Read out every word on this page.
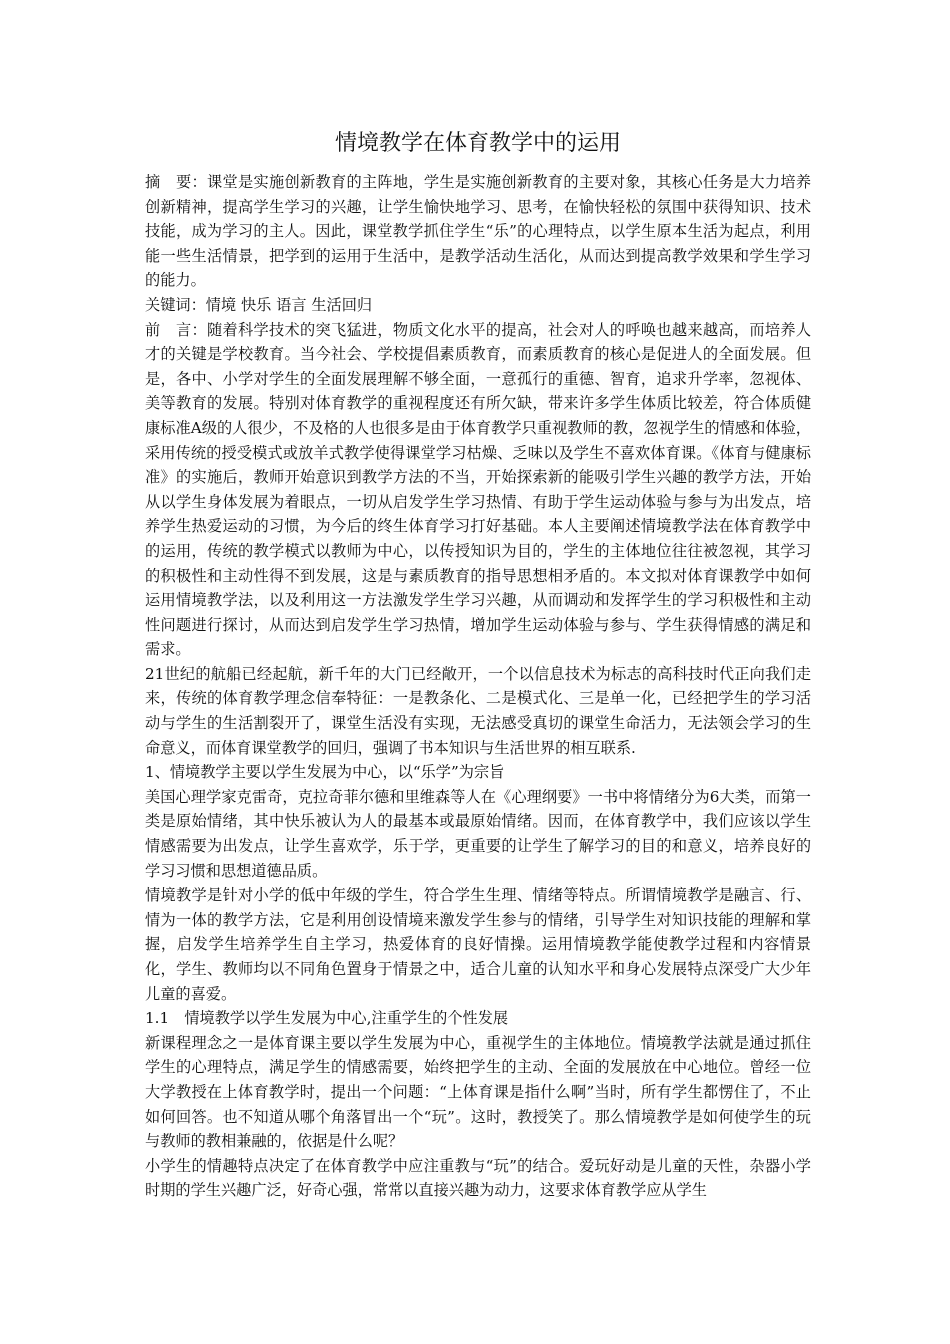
情境教学在体育教学中的运用

摘　要：课堂是实施创新教育的主阵地，学生是实施创新教育的主要对象，其核心任务是大力培养创新精神，提高学生学习的兴趣，让学生愉快地学习、思考，在愉快轻松的氛围中获得知识、技术技能，成为学习的主人。因此，课堂教学抓住学生“乐”的心理特点，以学生原本生活为起点，利用能一些生活情景，把学到的运用于生活中，是教学活动生活化，从而达到提高教学效果和学生学习的能力。

关键词：情境 快乐 语言 生活回归

前　言：随着科学技术的突飞猛进，物质文化水平的提高，社会对人的呼唤也越来越高，而培养人才的关键是学校教育。当今社会、学校提倡素质教育，而素质教育的核心是促进人的全面发展。但是，各中、小学对学生的全面发展理解不够全面，一意孤行的重德、智育，追求升学率，忽视体、美等教育的发展。特别对体育教学的重视程度还有所欠缺，带来许多学生体质比较差，符合体质健康标准A级的人很少，不及格的人也很多是由于体育教学只重视教师的教，忽视学生的情感和体验，采用传统的授受模式或放羊式教学使得课堂学习枯燥、乏味以及学生不喜欢体育课。《体育与健康标准》的实施后，教师开始意识到教学方法的不当，开始探索新的能吸引学生兴趣的教学方法，开始从以学生身体发展为着眼点，一切从启发学生学习热情、有助于学生运动体验与参与为出发点，培养学生热爱运动的习惯，为今后的终生体育学习打好基础。本人主要阐述情境教学法在体育教学中的运用，传统的教学模式以教师为中心，以传授知识为目的，学生的主体地位往往被忽视，其学习的积极性和主动性得不到发展，这是与素质教育的指导思想相矛盾的。本文拟对体育课教学中如何运用情境教学法，以及利用这一方法激发学生学习兴趣，从而调动和发挥学生的学习积极性和主动性问题进行探讨，从而达到启发学生学习热情，增加学生运动体验与参与、学生获得情感的满足和需求。

21世纪的航船已经起航，新千年的大门已经敞开，一个以信息技术为标志的高科技时代正向我们走来，传统的体育教学理念信奉特征：一是教条化、二是模式化、三是单一化，已经把学生的学习活动与学生的生活割裂开了，课堂生活没有实现，无法感受真切的课堂生命活力，无法领会学习的生命意义，而体育课堂教学的回归，强调了书本知识与生活世界的相互联系.

1、情境教学主要以学生发展为中心，以“乐学”为宗旨

美国心理学家克雷奇，克拉奇菲尔德和里维森等人在《心理纲要》一书中将情绪分为6大类，而第一类是原始情绪，其中快乐被认为人的最基本或最原始情绪。因而，在体育教学中，我们应该以学生情感需要为出发点，让学生喜欢学，乐于学，更重要的让学生了解学习的目的和意义，培养良好的学习习惯和思想道德品质。

情境教学是针对小学的低中年级的学生，符合学生生理、情绪等特点。所谓情境教学是融言、行、情为一体的教学方法，它是利用创设情境来激发学生参与的情绪，引导学生对知识技能的理解和掌握，启发学生培养学生自主学习，热爱体育的良好情操。运用情境教学能使教学过程和内容情景化，学生、教师均以不同角色置身于情景之中，适合儿童的认知水平和身心发展特点深受广大少年儿童的喜爱。

1.1　情境教学以学生发展为中心,注重学生的个性发展

新课程理念之一是体育课主要以学生发展为中心，重视学生的主体地位。情境教学法就是通过抓住学生的心理特点，满足学生的情感需要，始终把学生的主动、全面的发展放在中心地位。曾经一位大学教授在上体育教学时，提出一个问题：“上体育课是指什么啊”当时，所有学生都愣住了，不止如何回答。也不知道从哪个角落冒出一个“玩”。这时，教授笑了。那么情境教学是如何使学生的玩与教师的教相兼融的，依据是什么呢？

小学生的情趣特点决定了在体育教学中应注重教与“玩”的结合。爱玩好动是儿童的天性，杂器小学时期的学生兴趣广泛，好奇心强，常常以直接兴趣为动力，这要求体育教学应从学生
